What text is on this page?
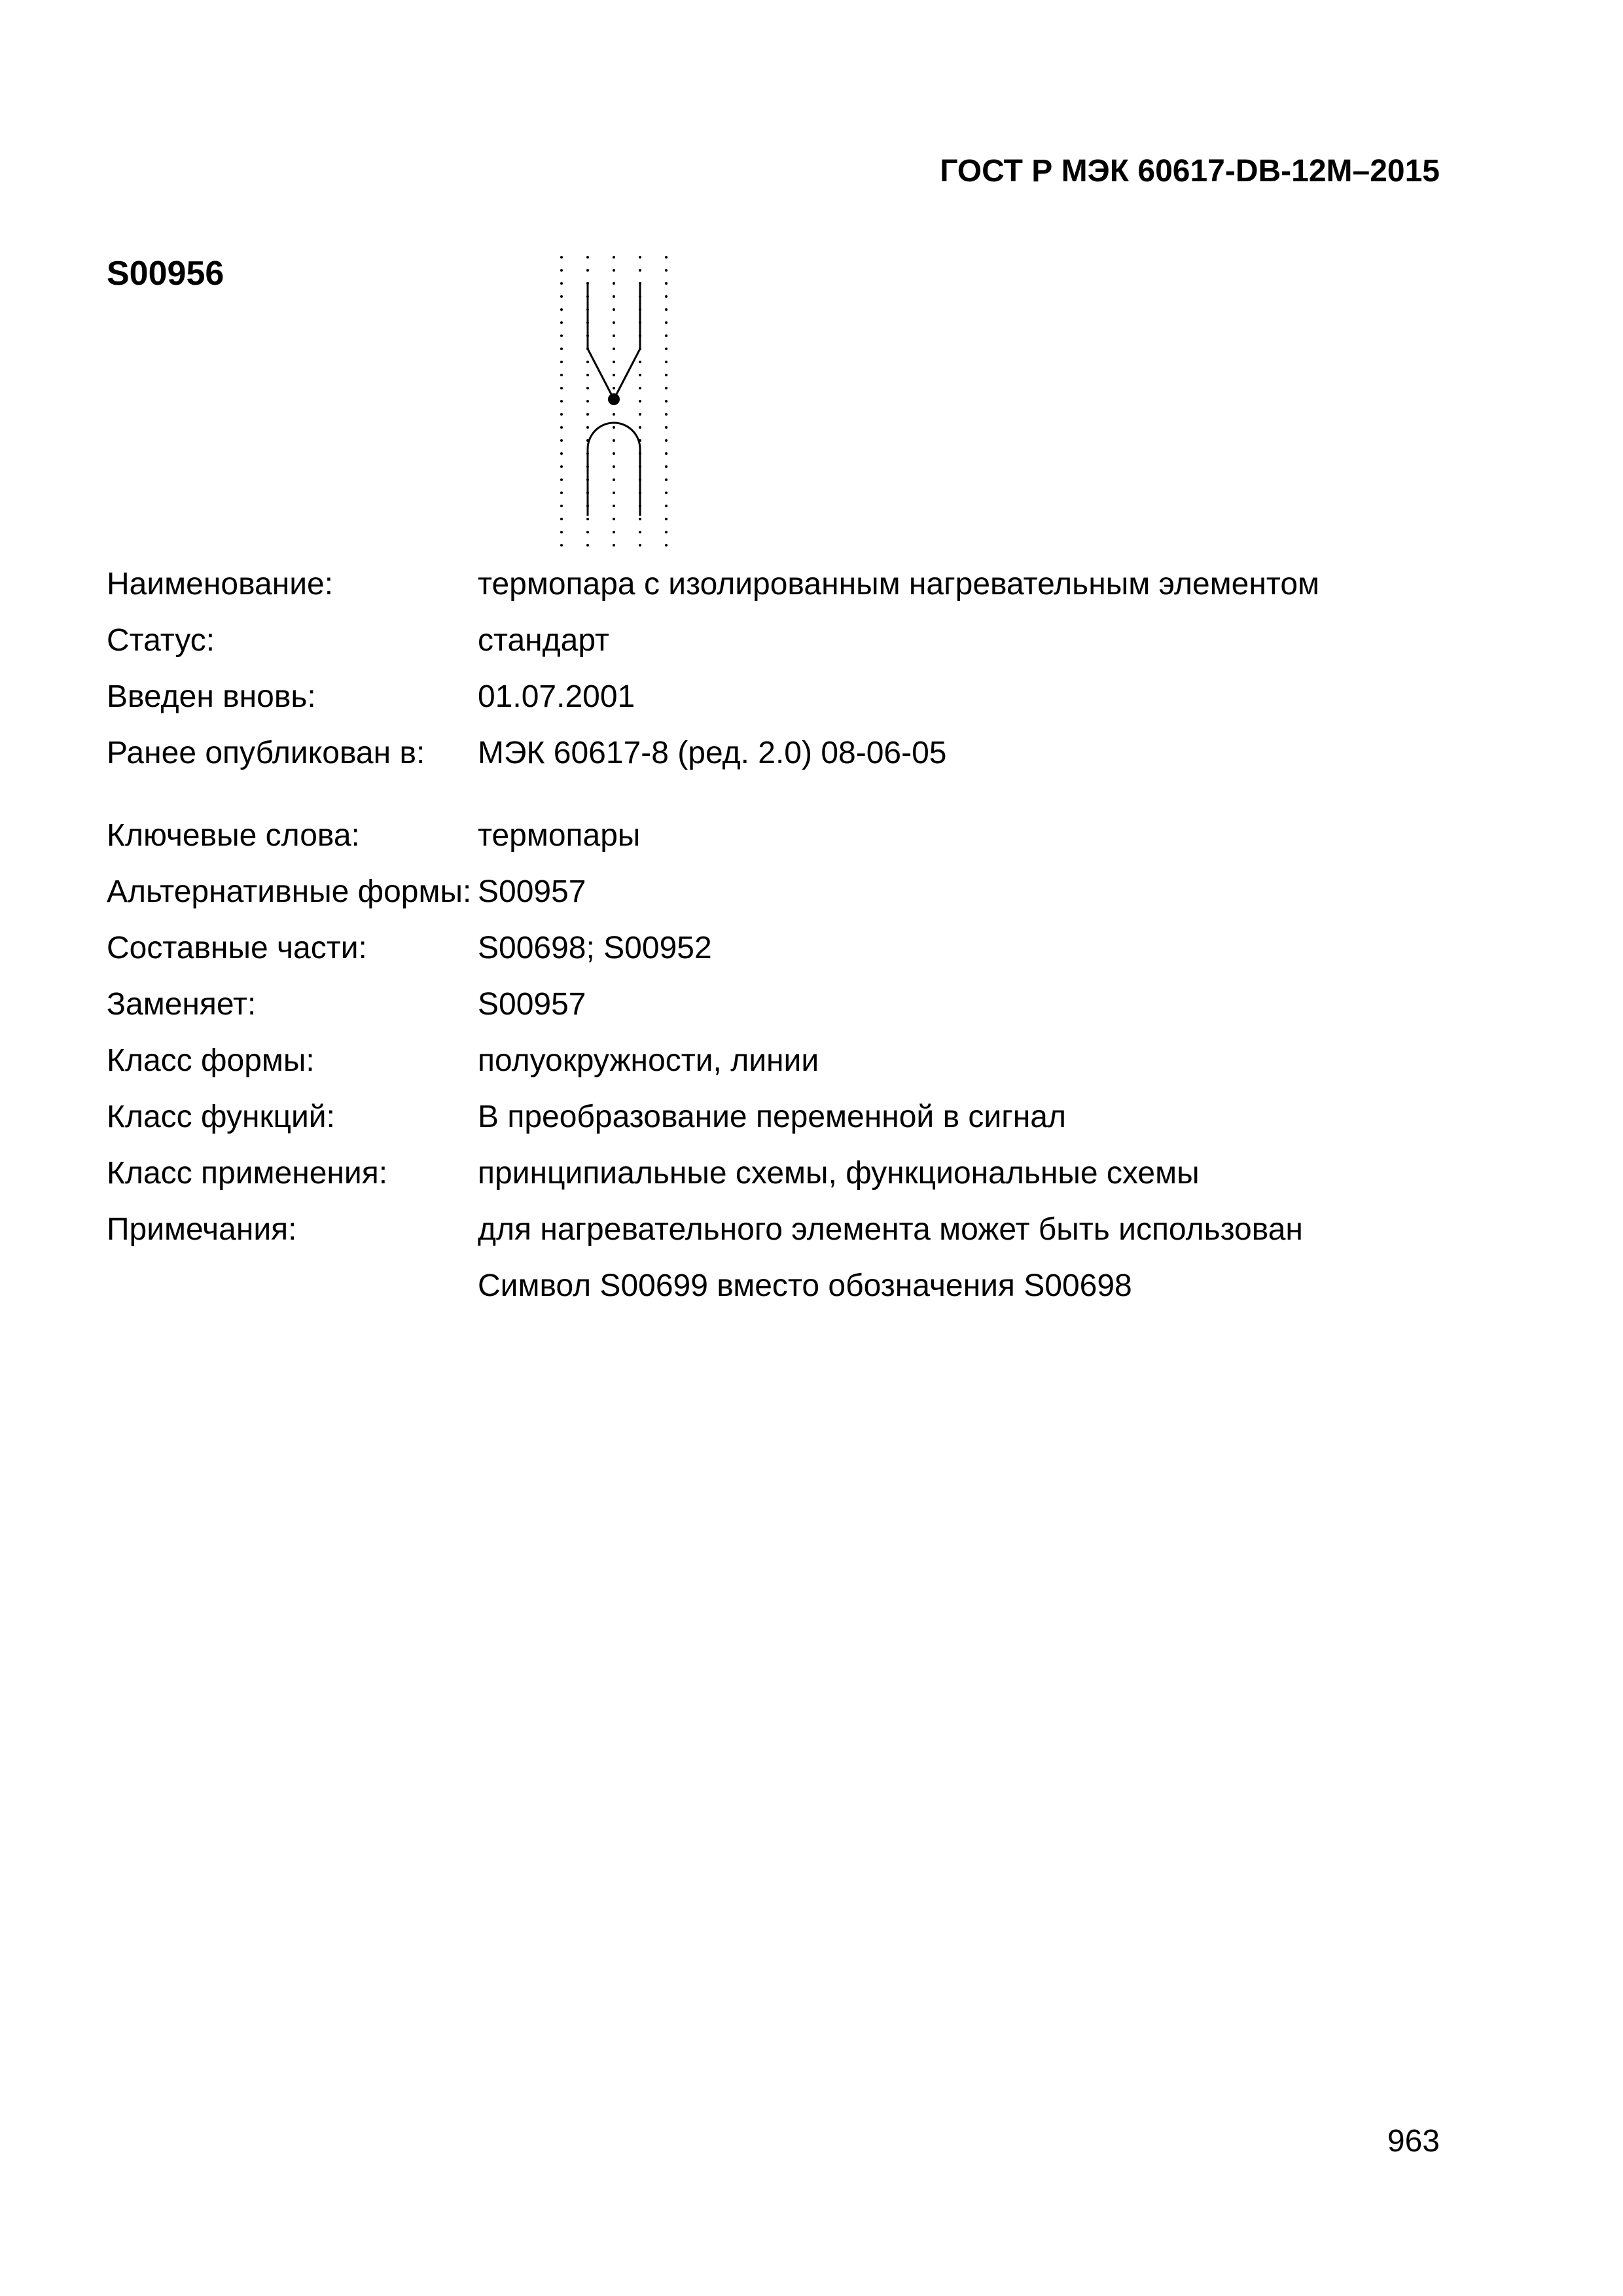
ГОСТ Р МЭК 60617-DB-12M–2015
S00956
Наименование:	термопара с изолированным нагревательным элементом
Статус:	стандарт
Введен вновь:	01.07.2001
Ранее опубликован в:	МЭК 60617-8 (ред. 2.0) 08-06-05
Ключевые слова:	термопары
Альтернативные формы: S00957
Составные части:	S00698; S00952
Заменяет:	S00957
Класс формы:	полуокружности, линии
Класс функций:	B преобразование переменной в сигнал
Класс применения:	принципиальные схемы, функциональные схемы
Примечания:	для нагревательного элемента может быть использован Символ S00699 вместо обозначения S00698
963
